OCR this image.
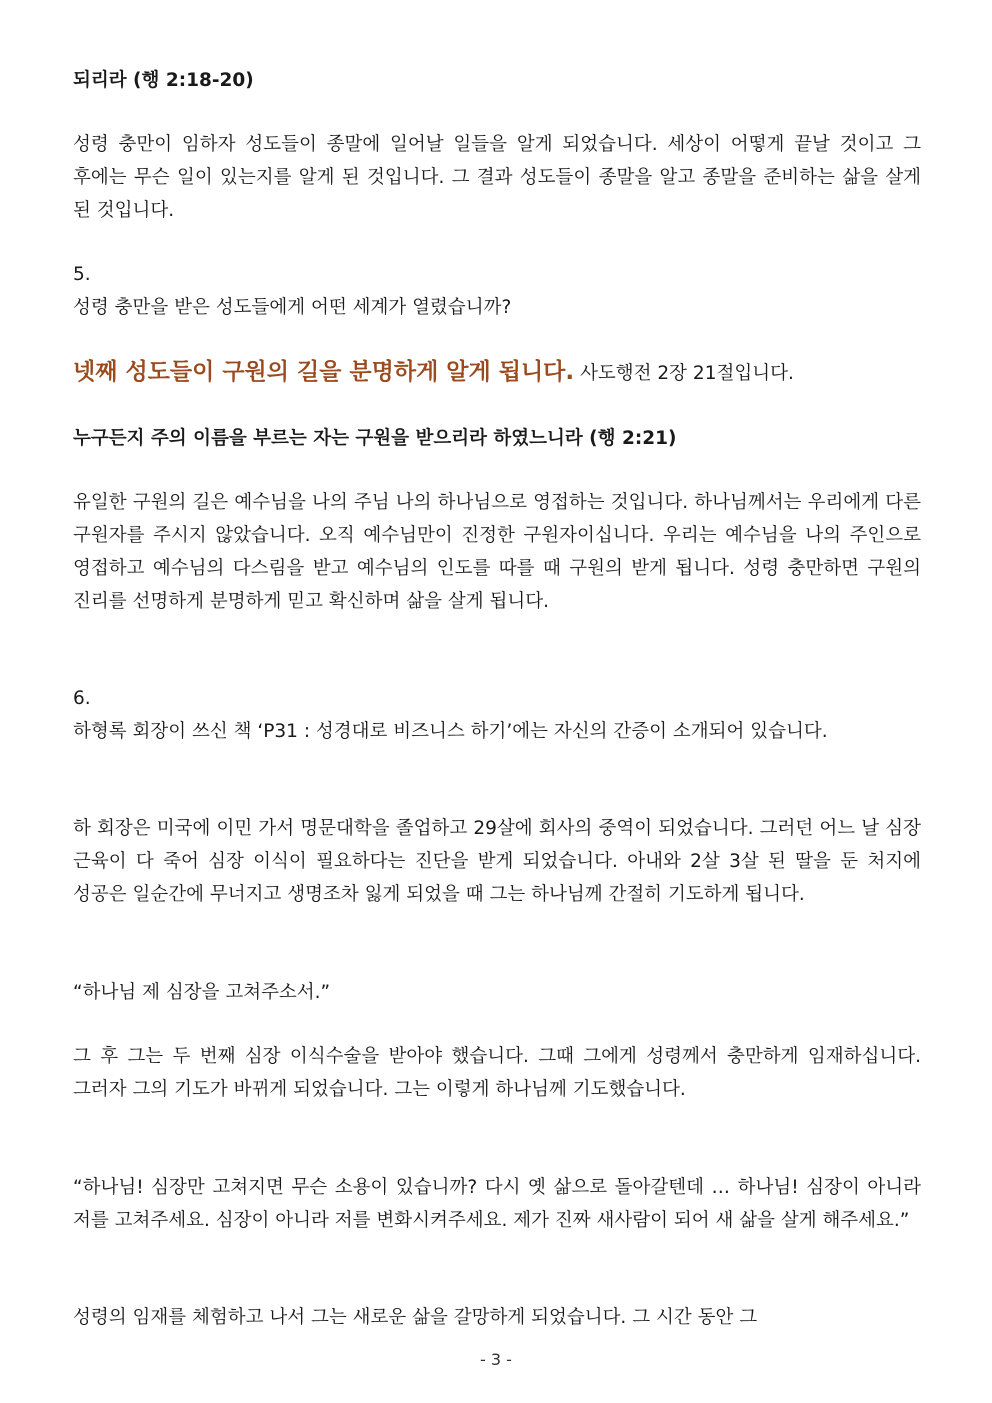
되리라 (행 2:18-20)

성령 충만이 임하자 성도들이 종말에 일어날 일들을 알게 되었습니다. 세상이 어떻게 끝날 것이고 그 후에는 무슨 일이 있는지를 알게 된 것입니다. 그 결과 성도들이 종말을 알고 종말을 준비하는 삶을 살게 된 것입니다.

5.

성령 충만을 받은 성도들에게 어떤 세계가 열렸습니까?

넷째 성도들이 구원의 길을 분명하게 알게 됩니다. 사도행전 2장 21절입니다.

누구든지 주의 이름을 부르는 자는 구원을 받으리라 하였느니라 (행 2:21)

유일한 구원의 길은 예수님을 나의 주님 나의 하나님으로 영접하는 것입니다. 하나님께서는 우리에게 다른 구원자를 주시지 않았습니다. 오직 예수님만이 진정한 구원자이십니다. 우리는 예수님을 나의 주인으로 영접하고 예수님의 다스림을 받고 예수님의 인도를 따를 때 구원의 받게 됩니다. 성령 충만하면 구원의 진리를 선명하게 분명하게 믿고 확신하며 삶을 살게 됩니다.

6.

하형록 회장이 쓰신 책 ‘P31 : 성경대로 비즈니스 하기’에는 자신의 간증이 소개되어 있습니다.

하 회장은 미국에 이민 가서 명문대학을 졸업하고 29살에 회사의 중역이 되었습니다. 그러던 어느 날 심장 근육이 다 죽어 심장 이식이 필요하다는 진단을 받게 되었습니다. 아내와 2살 3살 된 딸을 둔 처지에 성공은 일순간에 무너지고 생명조차 잃게 되었을 때 그는 하나님께 간절히 기도하게 됩니다.

“하나님 제 심장을 고쳐주소서.”

그 후 그는 두 번째 심장 이식수술을 받아야 했습니다. 그때 그에게 성령께서 충만하게 임재하십니다. 그러자 그의 기도가 바뀌게 되었습니다. 그는 이렇게 하나님께 기도했습니다.

“하나님! 심장만 고쳐지면 무슨 소용이 있습니까? 다시 옛 삶으로 돌아갈텐데 … 하나님! 심장이 아니라 저를 고쳐주세요. 심장이 아니라 저를 변화시켜주세요. 제가 진짜 새사람이 되어 새 삶을 살게 해주세요.”

성령의 임재를 체험하고 나서 그는 새로운 삶을 갈망하게 되었습니다. 그 시간 동안 그

- 3 -
